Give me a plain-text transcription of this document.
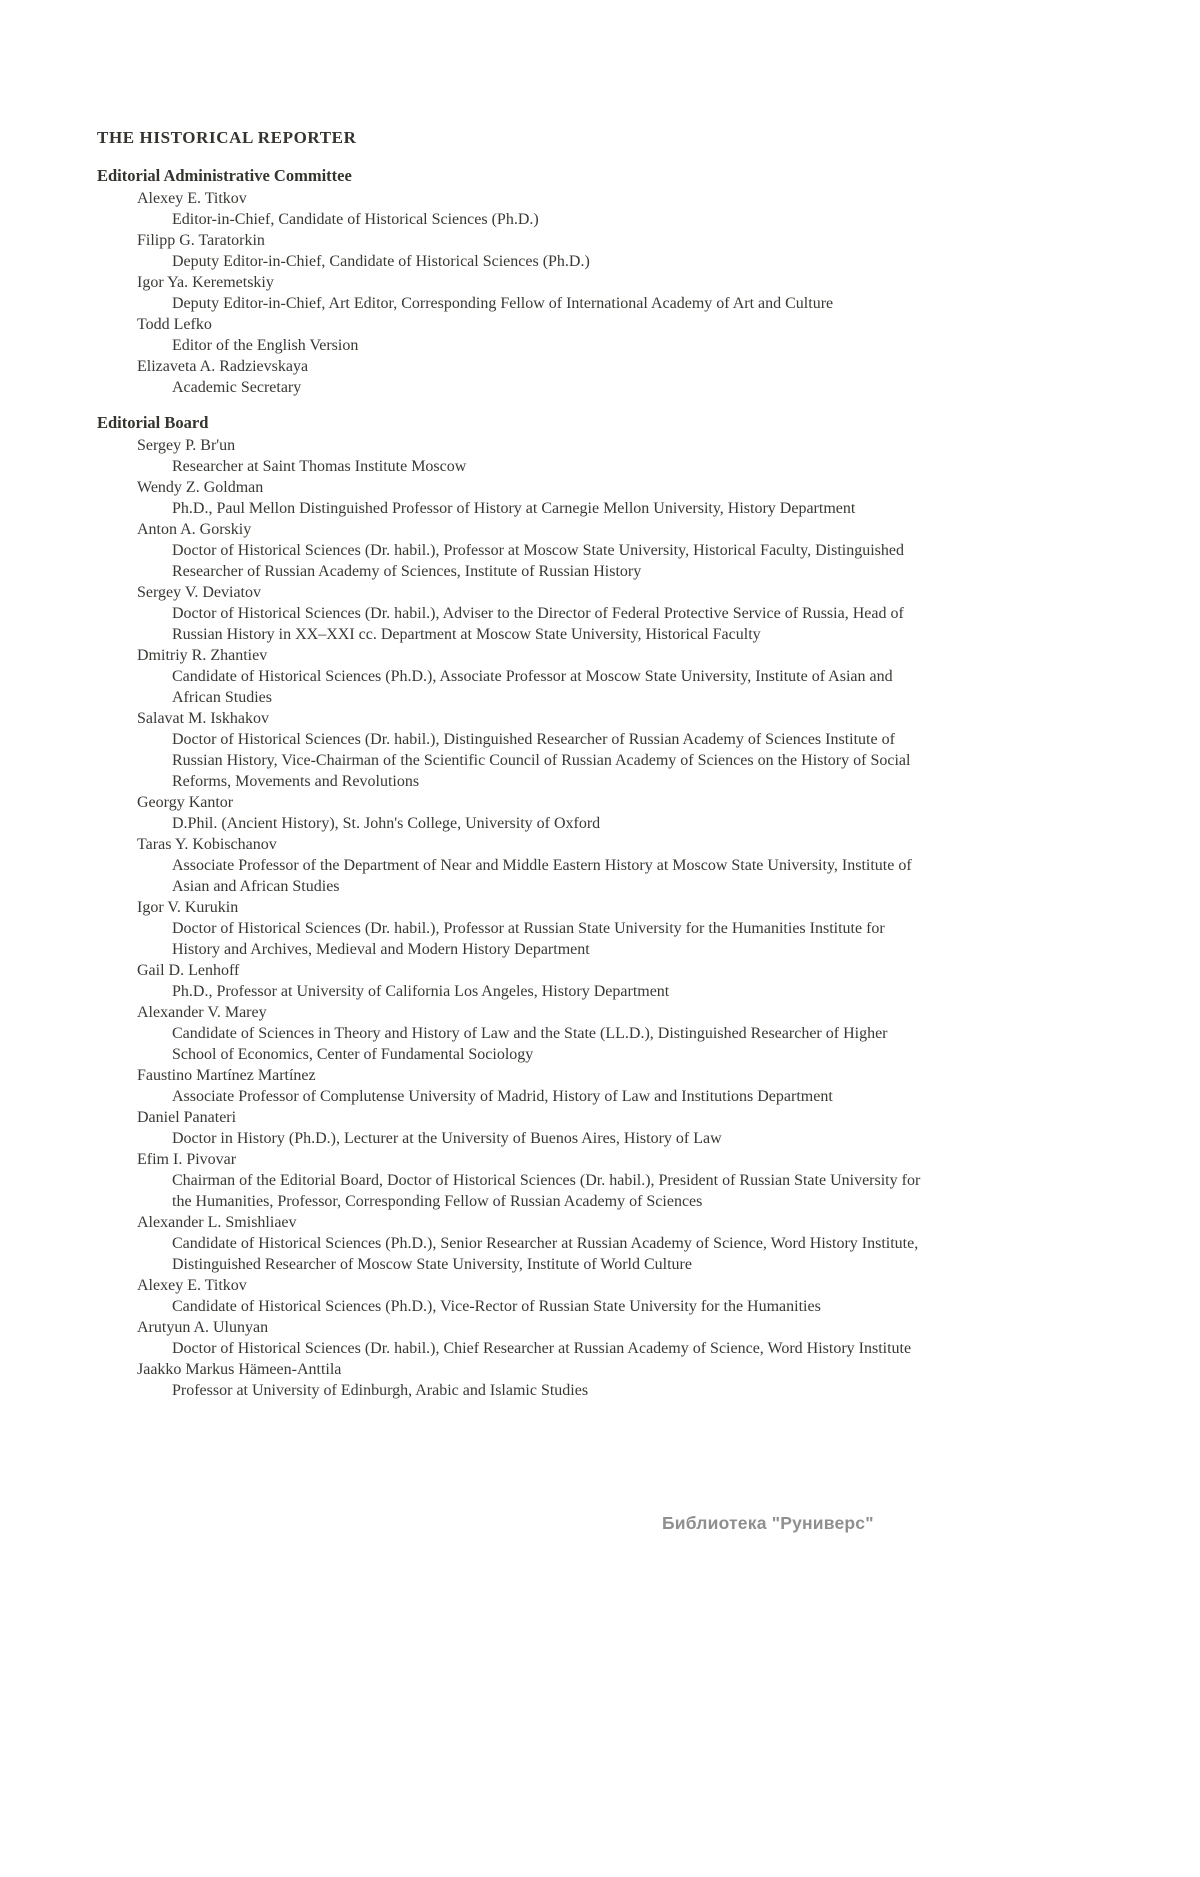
THE HISTORICAL REPORTER
Editorial Administrative Committee
Alexey E. Titkov
Editor-in-Chief, Candidate of Historical Sciences (Ph.D.)
Filipp G. Taratorkin
Deputy Editor-in-Chief, Candidate of Historical Sciences (Ph.D.)
Igor Ya. Keremetskiy
Deputy Editor-in-Chief, Art Editor, Corresponding Fellow of International Academy of Art and Culture
Todd Lefko
Editor of the English Version
Elizaveta A. Radzievskaya
Academic Secretary
Editorial Board
Sergey P. Br'un
Researcher at Saint Thomas Institute Moscow
Wendy Z. Goldman
Ph.D., Paul Mellon Distinguished Professor of History at Carnegie Mellon University, History Department
Anton A. Gorskiy
Doctor of Historical Sciences (Dr. habil.), Professor at Moscow State University, Historical Faculty, Distinguished Researcher of Russian Academy of Sciences, Institute of Russian History
Sergey V. Deviatov
Doctor of Historical Sciences (Dr. habil.), Adviser to the Director of Federal Protective Service of Russia, Head of Russian History in XX–XXI cc. Department at Moscow State University, Historical Faculty
Dmitriy R. Zhantiev
Candidate of Historical Sciences (Ph.D.), Associate Professor at Moscow State University, Institute of Asian and African Studies
Salavat M. Iskhakov
Doctor of Historical Sciences (Dr. habil.), Distinguished Researcher of Russian Academy of Sciences Institute of Russian History, Vice-Chairman of the Scientific Council of Russian Academy of Sciences on the History of Social Reforms, Movements and Revolutions
Georgy Kantor
D.Phil. (Ancient History), St. John's College, University of Oxford
Taras Y. Kobischanov
Associate Professor of the Department of Near and Middle Eastern History at Moscow State University, Institute of Asian and African Studies
Igor V. Kurukin
Doctor of Historical Sciences (Dr. habil.), Professor at Russian State University for the Humanities Institute for History and Archives, Medieval and Modern History Department
Gail D. Lenhoff
Ph.D., Professor at University of California Los Angeles, History Department
Alexander V. Marey
Candidate of Sciences in Theory and History of Law and the State (LL.D.), Distinguished Researcher of Higher School of Economics, Center of Fundamental Sociology
Faustino Martínez Martínez
Associate Professor of Complutense University of Madrid, History of Law and Institutions Department
Daniel Panateri
Doctor in History (Ph.D.), Lecturer at the University of Buenos Aires, History of Law
Efim I. Pivovar
Chairman of the Editorial Board, Doctor of Historical Sciences (Dr. habil.), President of Russian State University for the Humanities, Professor, Corresponding Fellow of Russian Academy of Sciences
Alexander L. Smishliaev
Candidate of Historical Sciences (Ph.D.), Senior Researcher at Russian Academy of Science, Word History Institute, Distinguished Researcher of Moscow State University, Institute of World Culture
Alexey E. Titkov
Candidate of Historical Sciences (Ph.D.), Vice-Rector of Russian State University for the Humanities
Arutyun A. Ulunyan
Doctor of Historical Sciences (Dr. habil.), Chief Researcher at Russian Academy of Science, Word History Institute
Jaakko Markus Hämeen-Anttila
Professor at University of Edinburgh, Arabic and Islamic Studies
Библиотека "Руниверс"
